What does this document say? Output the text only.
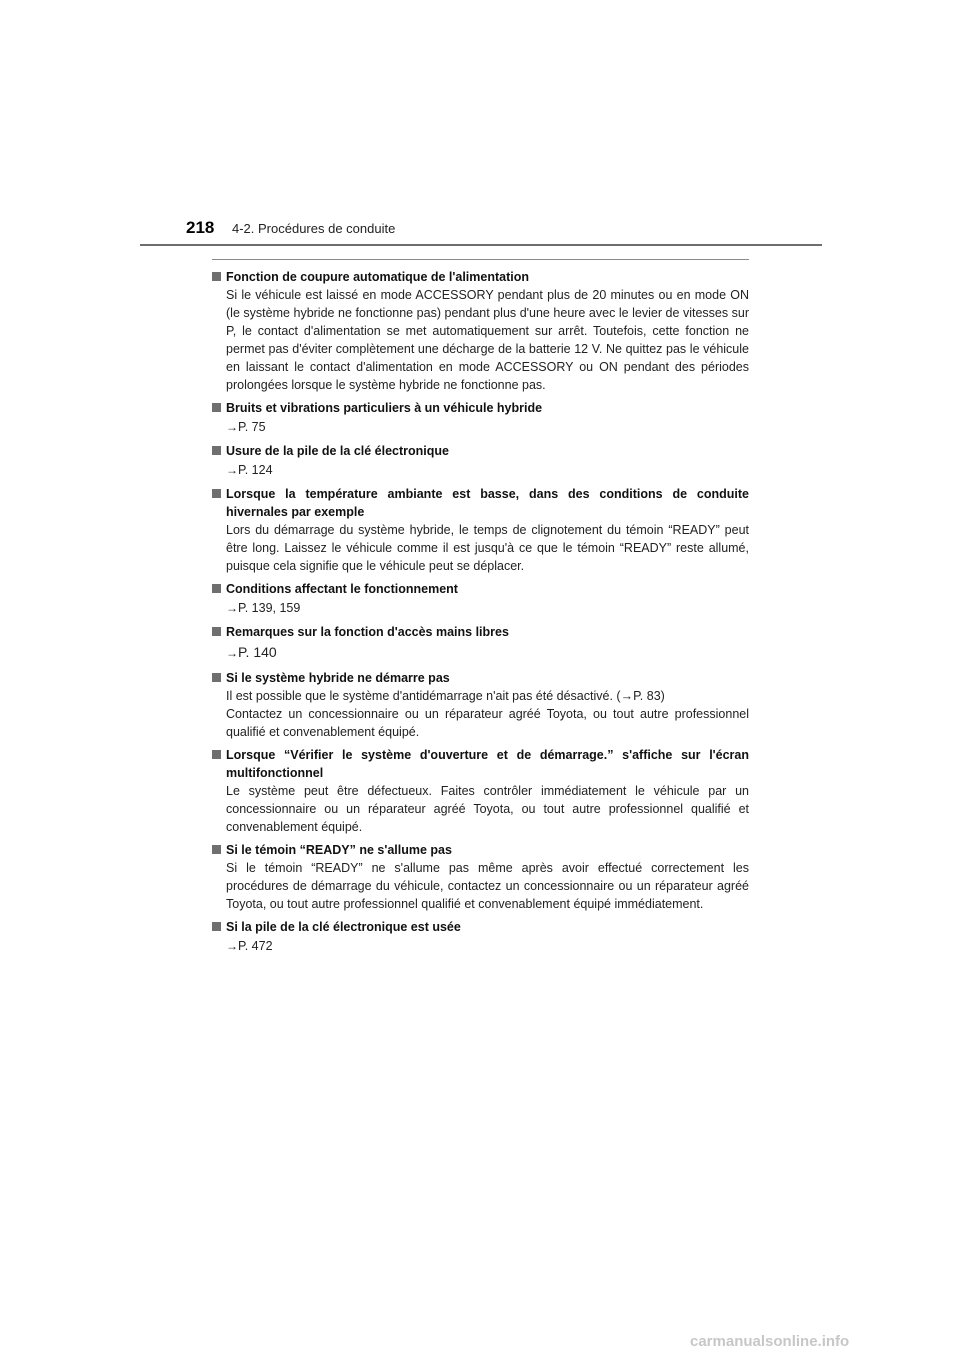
218 4-2. Procédures de conduite
Fonction de coupure automatique de l'alimentation

Si le véhicule est laissé en mode ACCESSORY pendant plus de 20 minutes ou en mode ON (le système hybride ne fonctionne pas) pendant plus d'une heure avec le levier de vitesses sur P, le contact d'alimentation se met automatiquement sur arrêt. Toutefois, cette fonction ne permet pas d'éviter complètement une décharge de la batterie 12 V. Ne quittez pas le véhicule en laissant le contact d'alimentation en mode ACCESSORY ou ON pendant des périodes prolongées lorsque le système hybride ne fonctionne pas.

Bruits et vibrations particuliers à un véhicule hybride
→P. 75
Usure de la pile de la clé électronique
→P. 124
Lorsque la température ambiante est basse, dans des conditions de conduite hivernales par exemple

Lors du démarrage du système hybride, le temps de clignotement du témoin “READY” peut être long. Laissez le véhicule comme il est jusqu'à ce que le témoin “READY” reste allumé, puisque cela signifie que le véhicule peut se déplacer.

Conditions affectant le fonctionnement
→P. 139, 159
Remarques sur la fonction d'accès mains libres
→P. 140
Si le système hybride ne démarre pas

Il est possible que le système d'antidémarrage n'ait pas été désactivé. (→P. 83)

Contactez un concessionnaire ou un réparateur agréé Toyota, ou tout autre professionnel qualifié et convenablement équipé.

Lorsque “Vérifier le système d'ouverture et de démarrage.” s'affiche sur l'écran multifonctionnel

Le système peut être défectueux. Faites contrôler immédiatement le véhicule par un concessionnaire ou un réparateur agréé Toyota, ou tout autre professionnel qualifié et convenablement équipé.

Si le témoin “READY” ne s'allume pas

Si le témoin “READY” ne s'allume pas même après avoir effectué correctement les procédures de démarrage du véhicule, contactez un concessionnaire ou un réparateur agréé Toyota, ou tout autre professionnel qualifié et convenablement équipé immédiatement.

Si la pile de la clé électronique est usée
→P. 472
carmanualsonline.info
